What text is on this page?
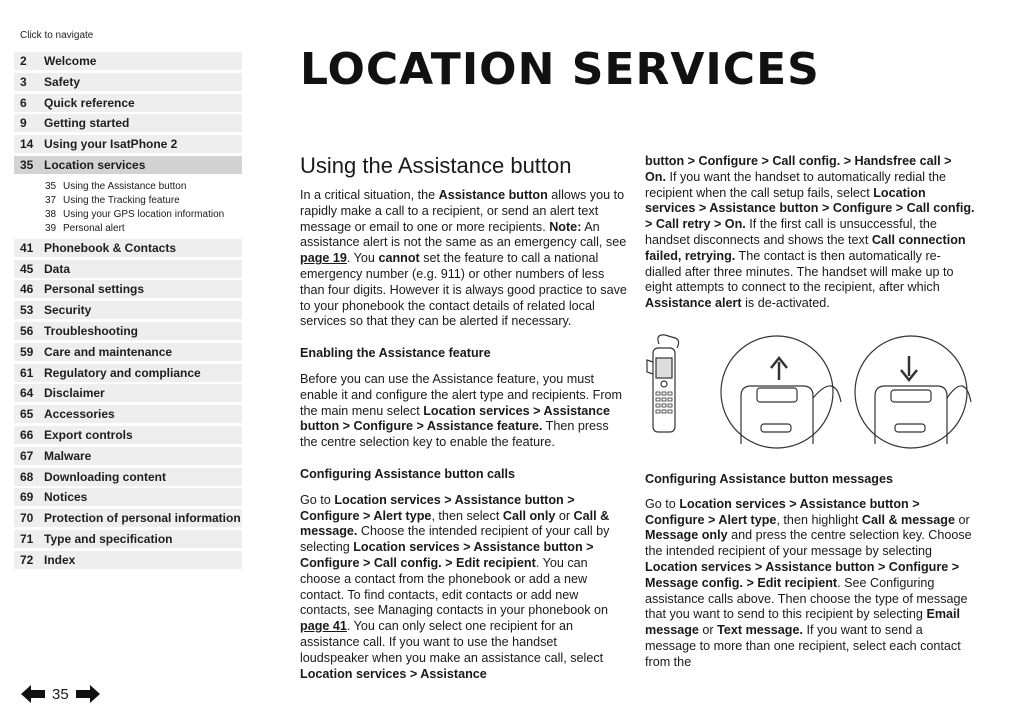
Click to navigate
2	Welcome
3	Safety
6	Quick reference
9	Getting started
14 Using your IsatPhone 2
35 Location services
35 Using the Assistance button
37 Using the Tracking feature
38 Using your GPS location information
39 Personal alert
41 Phonebook & Contacts
45 Data
46 Personal settings
53 Security
56 Troubleshooting
59 Care and maintenance
61 Regulatory and compliance
64 Disclaimer
65 Accessories
66 Export controls
67 Malware
68 Downloading content
69 Notices
70 Protection of personal information
71 Type and specification
72 Index
LOCATION SERVICES
Using the Assistance button

In a critical situation, the Assistance button allows you to rapidly make a call to a recipient, or send an alert text message or email to one or more recipients. Note: An assistance alert is not the same as an emergency call, see page 19. You cannot set the feature to call a national emergency number (e.g. 911) or other numbers of less than four digits. However it is always good practice to save to your phonebook the contact details of related local services so that they can be alerted if necessary.

Enabling the Assistance feature

Before you can use the Assistance feature, you must enable it and configure the alert type and recipients. From the main menu select Location services > Assistance button > Configure > Assistance feature. Then press the centre selection key to enable the feature.

Configuring Assistance button calls

Go to Location services > Assistance button > Configure > Alert type, then select Call only or Call & message. Choose the intended recipient of your call by selecting Location services > Assistance button > Configure > Call config. > Edit recipient. You can choose a contact from the phonebook or add a new contact. To find contacts, edit contacts or add new contacts, see Managing contacts in your phonebook on page 41. You can only select one recipient for an assistance call. If you want to use the handset loudspeaker when you make an assistance call, select Location services > Assistance

button > Configure > Call config. > Handsfree call > On. If you want the handset to automatically redial the recipient when the call setup fails, select Location services > Assistance button > Configure > Call config. > Call retry > On. If the first call is unsuccessful, the handset disconnects and shows the text Call connection failed, retrying. The contact is then automatically re-dialled after three minutes. The handset will make up to eight attempts to connect to the recipient, after which Assistance alert is de-activated.

Configuring Assistance button messages

Go to Location services > Assistance button > Configure > Alert type, then highlight Call & message or Message only and press the centre selection key. Choose the intended recipient of your message by selecting Location services > Assistance button > Configure > Message config. > Edit recipient. See Configuring assistance calls above. Then choose the type of message that you want to send to this recipient by selecting Email message or Text message. If you want to send a message to more than one recipient, select each contact from the

35
